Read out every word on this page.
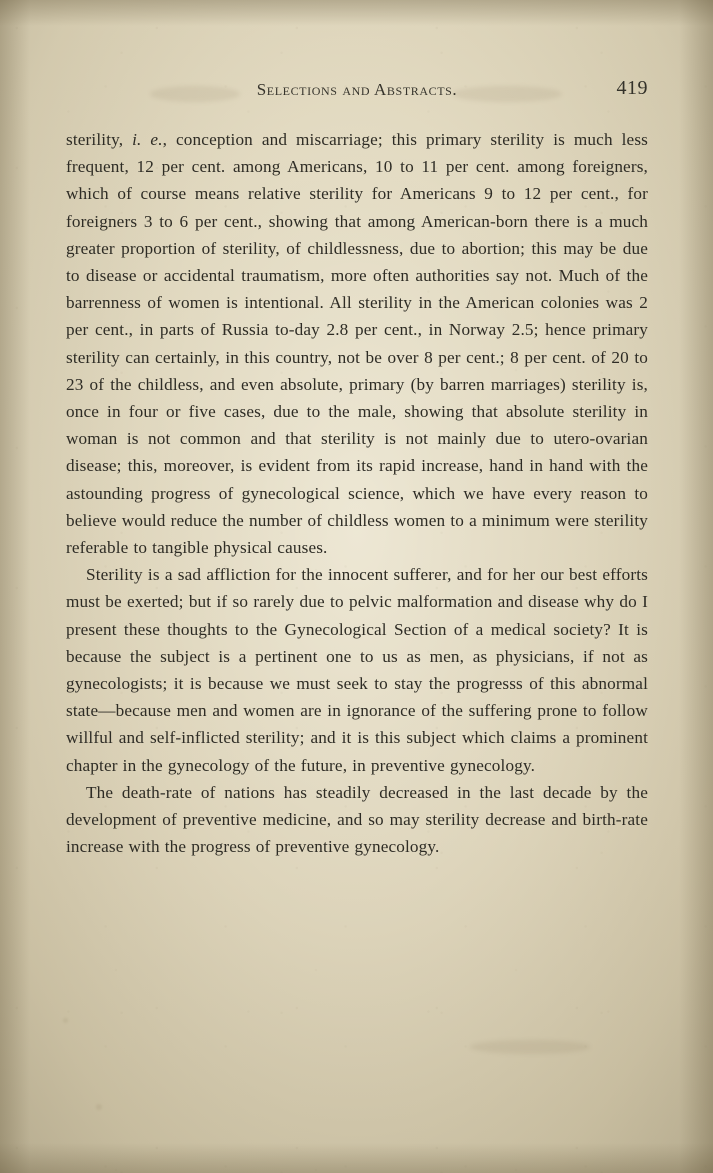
Selections and Abstracts.	419

sterility, i. e., conception and miscarriage; this primary sterility is much less frequent, 12 per cent. among Americans, 10 to 11 per cent. among foreigners, which of course means relative sterility for Americans 9 to 12 per cent., for foreigners 3 to 6 per cent., showing that among American-born there is a much greater proportion of sterility, of childlessness, due to abortion; this may be due to disease or accidental traumatism, more often authorities say not. Much of the barrenness of women is intentional. All sterility in the American colonies was 2 per cent., in parts of Russia to-day 2.8 per cent., in Norway 2.5; hence primary sterility can certainly, in this country, not be over 8 per cent.; 8 per cent. of 20 to 23 of the childless, and even absolute, primary (by barren marriages) sterility is, once in four or five cases, due to the male, showing that absolute sterility in woman is not common and that sterility is not mainly due to utero-ovarian disease; this, moreover, is evident from its rapid increase, hand in hand with the astounding progress of gynecological science, which we have every reason to believe would reduce the number of childless women to a minimum were sterility referable to tangible physical causes.

Sterility is a sad affliction for the innocent sufferer, and for her our best efforts must be exerted; but if so rarely due to pelvic malformation and disease why do I present these thoughts to the Gynecological Section of a medical society? It is because the subject is a pertinent one to us as men, as physicians, if not as gynecologists; it is because we must seek to stay the progresss of this abnormal state—because men and women are in ignorance of the suffering prone to follow willful and self-inflicted sterility; and it is this subject which claims a prominent chapter in the gynecology of the future, in preventive gynecology.

The death-rate of nations has steadily decreased in the last decade by the development of preventive medicine, and so may sterility decrease and birth-rate increase with the progress of preventive gynecology.
